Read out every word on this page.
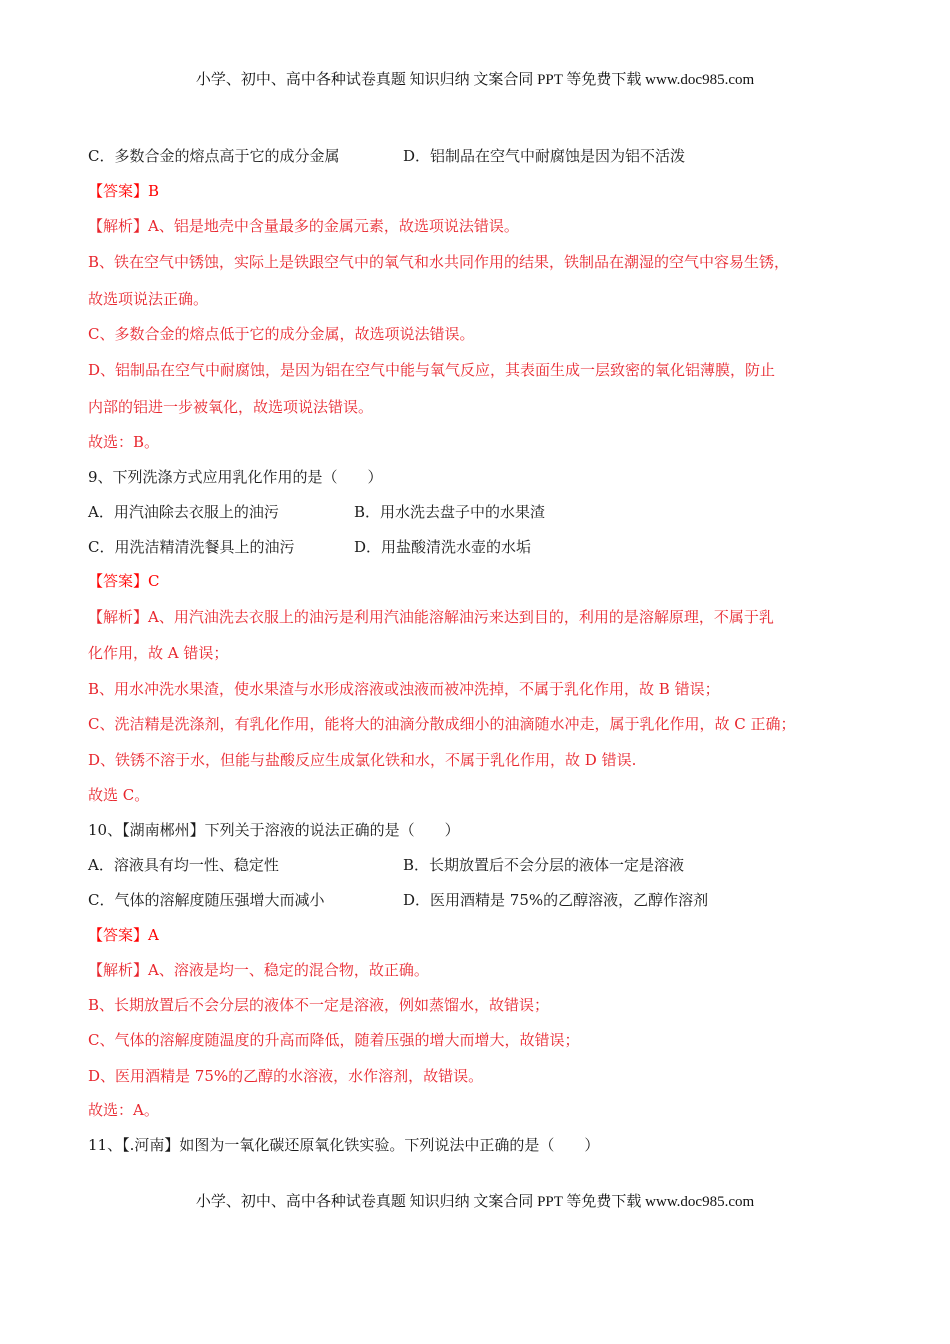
小学、初中、高中各种试卷真题 知识归纳 文案合同 PPT 等免费下载 www.doc985.com
C．多数合金的熔点高于它的成分金属	D．铝制品在空气中耐腐蚀是因为铝不活泼
【答案】B
【解析】A、铝是地壳中含量最多的金属元素，故选项说法错误。
B、铁在空气中锈蚀，实际上是铁跟空气中的氧气和水共同作用的结果，铁制品在潮湿的空气中容易生锈，
故选项说法正确。
C、多数合金的熔点低于它的成分金属，故选项说法错误。
D、铝制品在空气中耐腐蚀，是因为铝在空气中能与氧气反应，其表面生成一层致密的氧化铝薄膜，防止
内部的铝进一步被氧化，故选项说法错误。
故选：B。
9、下列洗涤方式应用乳化作用的是（　　）
A．用汽油除去衣服上的油污	B．用水洗去盘子中的水果渣
C．用洗洁精清洗餐具上的油污	D．用盐酸清洗水壶的水垢
【答案】C
【解析】A、用汽油洗去衣服上的油污是利用汽油能溶解油污来达到目的，利用的是溶解原理，不属于乳
化作用，故 A 错误；
B、用水冲洗水果渣，使水果渣与水形成溶液或浊液而被冲洗掉，不属于乳化作用，故 B 错误；
C、洗洁精是洗涤剂，有乳化作用，能将大的油滴分散成细小的油滴随水冲走，属于乳化作用，故 C 正确；
D、铁锈不溶于水，但能与盐酸反应生成氯化铁和水，不属于乳化作用，故 D 错误.
故选 C。
10、【湖南郴州】下列关于溶液的说法正确的是（　　）
A．溶液具有均一性、稳定性	B．长期放置后不会分层的液体一定是溶液
C．气体的溶解度随压强增大而减小	D．医用酒精是 75%的乙醇溶液，乙醇作溶剂
【答案】A
【解析】A、溶液是均一、稳定的混合物，故正确。
B、长期放置后不会分层的液体不一定是溶液，例如蒸馏水，故错误；
C、气体的溶解度随温度的升高而降低，随着压强的增大而增大，故错误；
D、医用酒精是 75%的乙醇的水溶液，水作溶剂，故错误。
故选：A。
11、【.河南】如图为一氧化碳还原氧化铁实验。下列说法中正确的是（　　）
小学、初中、高中各种试卷真题 知识归纳 文案合同 PPT 等免费下载 www.doc985.com
